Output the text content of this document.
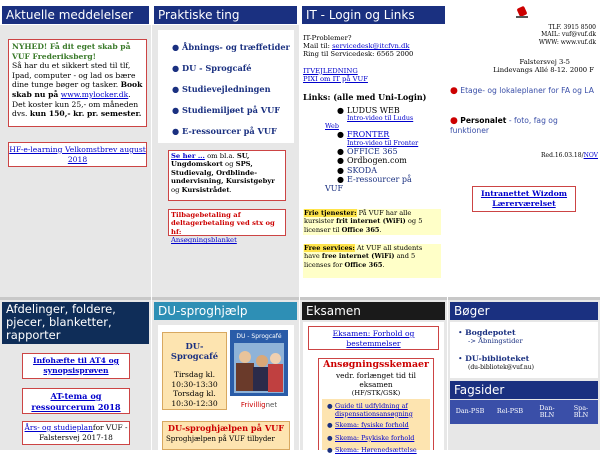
Aktuelle meddelelser
NYHED! Få dit eget skab på VUF Frederiksberg!
Så har du et sikkert sted til tlf, Ipad, computer - og lad os bære dine tunge bøger og tasker. Book skab nu på www.mylocker.dk. Det koster kun 25,- om måneden dvs. kun 150,- kr. pr. semester.
HF-e-learning Velkomstbrev august 2018
Afdelinger, foldere, pjecer, blanketter, rapporter
Infohæfte til AT4 og synopsisprøven
AT-tema og ressourcerum 2018
Års- og studieplanfor VUF - Falstersvej 2017-18
Praktiske ting
● Åbnings- og træffetider
● DU - Sprogcafé
● Studievejledningen
● Studiemiljøet på VUF
● E-ressourcer på VUF
Se her ... om bl.a. SU, Ungdomskort og SPS, Studievalg, Ordblinde-undervisning, Kursistgebyr og Kursistrådet.
Tilbagebetaling af deltagerbetaling ved stx og hf:
Ansøgningsblanket
DU-sproghjælp
DU-Sprogcafé
Tirsdag kl.
10:30-13:30
Torsdag kl.
10:30-12:30
DU - Sprogcafé
Frivillignet
DU-sproghjælpen på VUF
Sproghjælpen på VUF tilbyder
IT - Login og Links
IT-Problemer?
Mail til: servicedesk@itcfvn.dk
Ring til Servicedesk: 6565 2000
ITVEJLEDNING
PIXI om IT på VUF
Links: (alle med Uni-Login)
● LUDUS WEB
Intro-video til Ludus
Web
● FRONTER
Intro-video til Fronter
● OFFICE 365
● Ordbogen.com
● SKODA
● E-ressourcer på
VUF
Frie tjenester: På VUF har alle kursister frit internet (WiFi) og 5 licenser til Office 365.
Free services: At VUF all students have free internet (WiFi) and 5 licenses for Office 365.
Eksamen
Eksamen: Forhold og bestemmelser
Ansøgningsskemaer
vedr. forlænget tid til eksamen
(HF/STK/GSK)
● Guide til udfyldning af dispensationsansøgning
● Skema: fysiske forhold
● Skema: Psykiske forhold
● Skema: Hørenedsættelse
TLF. 3915 8500
MAIL: vuf@vuf.dk
WWW: www.vuf.dk
Falstersvej 3-5
Lindevangs Allé 8-12. 2000 F
● Etage- og lokaleplaner for FA og LA
● Personalet - foto, fag og funktioner
Red.16.03.18/NOV
Intranettet Wizdom Lærerværelset
Bøger
• Bogdepotet
-> Åbningstider
• DU-biblioteket
(du-bibliotek@vuf.nu)
Fagsider
Dan-PSB Rel-PSB	Dan-BLN
Spa-BLN
